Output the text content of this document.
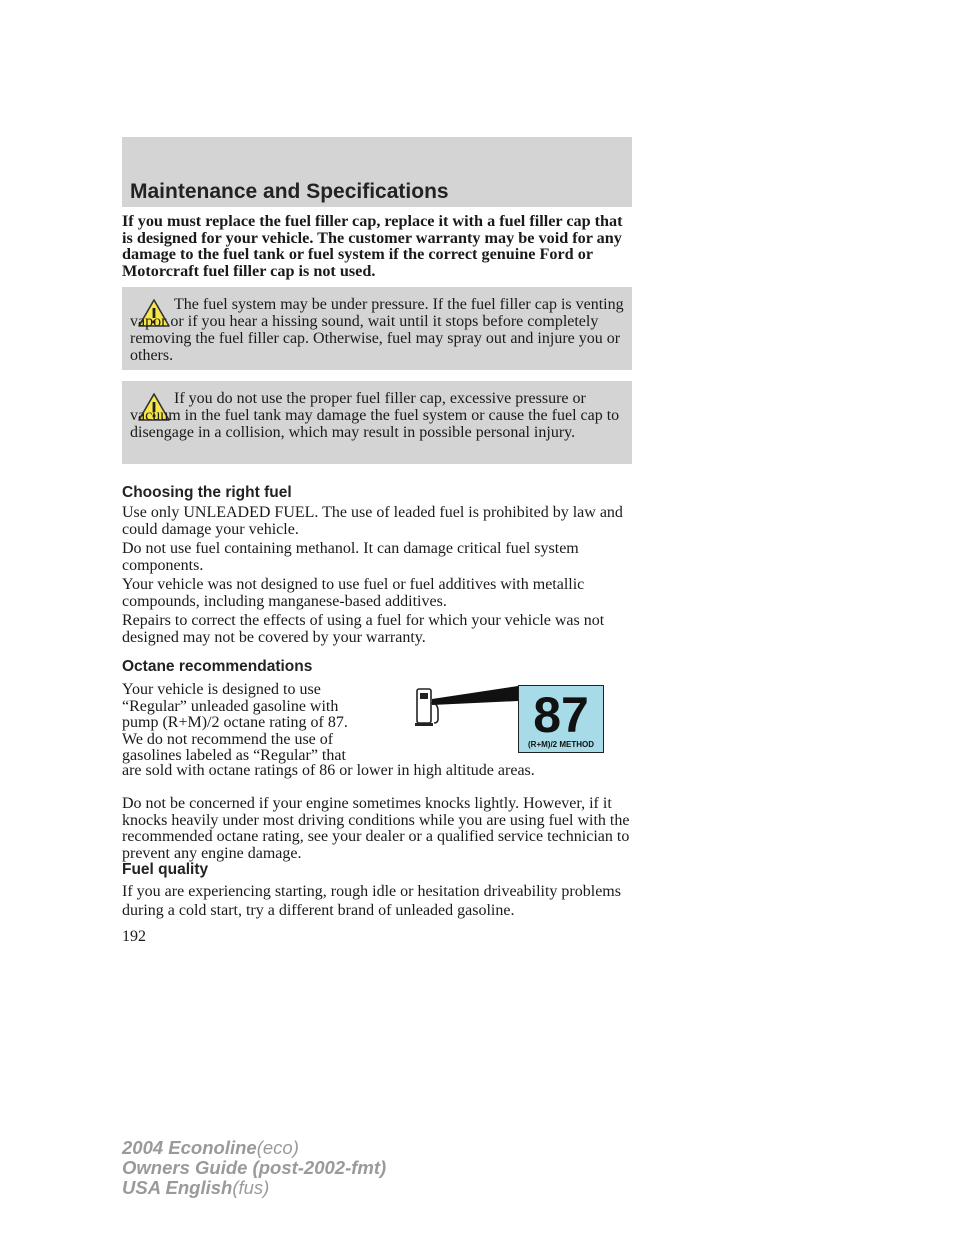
Maintenance and Specifications
If you must replace the fuel filler cap, replace it with a fuel filler cap that is designed for your vehicle. The customer warranty may be void for any damage to the fuel tank or fuel system if the correct genuine Ford or Motorcraft fuel filler cap is not used.
The fuel system may be under pressure. If the fuel filler cap is venting vapor or if you hear a hissing sound, wait until it stops before completely removing the fuel filler cap. Otherwise, fuel may spray out and injure you or others.
If you do not use the proper fuel filler cap, excessive pressure or vacuum in the fuel tank may damage the fuel system or cause the fuel cap to disengage in a collision, which may result in possible personal injury.
Choosing the right fuel
Use only UNLEADED FUEL. The use of leaded fuel is prohibited by law and could damage your vehicle.
Do not use fuel containing methanol. It can damage critical fuel system components.
Your vehicle was not designed to use fuel or fuel additives with metallic compounds, including manganese-based additives.
Repairs to correct the effects of using a fuel for which your vehicle was not designed may not be covered by your warranty.
Octane recommendations
Your vehicle is designed to use “Regular” unleaded gasoline with pump (R+M)/2 octane rating of 87. We do not recommend the use of gasolines labeled as “Regular” that
are sold with octane ratings of 86 or lower in high altitude areas.
87
(R+M)/2 METHOD
Do not be concerned if your engine sometimes knocks lightly. However, if it knocks heavily under most driving conditions while you are using fuel with the recommended octane rating, see your dealer or a qualified service technician to prevent any engine damage.
Fuel quality
If you are experiencing starting, rough idle or hesitation driveability problems during a cold start, try a different brand of unleaded gasoline.
192
2004 Econoline(eco)
Owners Guide (post-2002-fmt)
USA English(fus)
